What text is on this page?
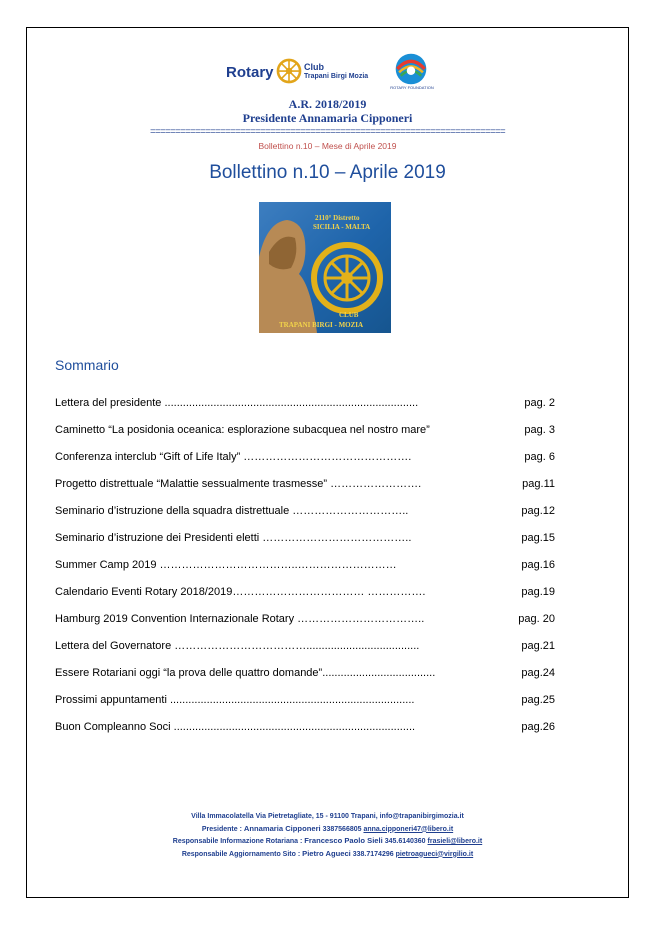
Rotary	Club
Trapani Birgi Mozia
ROTARY FOUNDATION
A.R. 2018/2019
Presidente Annamaria Cipponeri
=======================================================================
Bollettino n.10 – Mese di Aprile 2019
Bollettino n.10 – Aprile 2019
2110° Distretto
SICILIA - MALTA
CLUB
TRAPANI BIRGI - MOZIA
Sommario
Lettera del presidente ...................................................................................	pag. 2
Caminetto “La posidonia oceanica: esplorazione subacquea nel nostro mare”	pag. 3
Conferenza interclub “Gift of Life Italy” ……………………………………….	pag. 6
Progetto distrettuale “Malattie sessualmente trasmesse” …………………….	pag.11
Seminario d’istruzione della squadra distrettuale …………………………..	pag.12
Seminario d’istruzione dei Presidenti eletti …………………………………..	pag.15
Summer Camp 2019 ………………………………..………………………	pag.16
Calendario Eventi Rotary 2018/2019……………………………… …………….	pag.19
Hamburg 2019 Convention Internazionale Rotary ……………………………..	pag. 20
Lettera del Governatore ……………………………….....................................	pag.21
Essere Rotariani oggi “la prova delle quattro domande”.....................................	pag.24
Prossimi appuntamenti ................................................................................	pag.25
Buon Compleanno Soci ...............................................................................	pag.26
Villa Immacolatella Via Pietretagliate, 15 - 91100 Trapani, info@trapanibirgimozia.it
Presidente : Annamaria Cipponeri 3387566805 anna.cipponeri47@libero.it
Responsabile Informazione Rotariana : Francesco Paolo Sieli 345.6140360 frasieli@libero.it
Responsabile Aggiornamento Sito : Pietro Agueci 338.7174296 pietroagueci@virgilio.it
